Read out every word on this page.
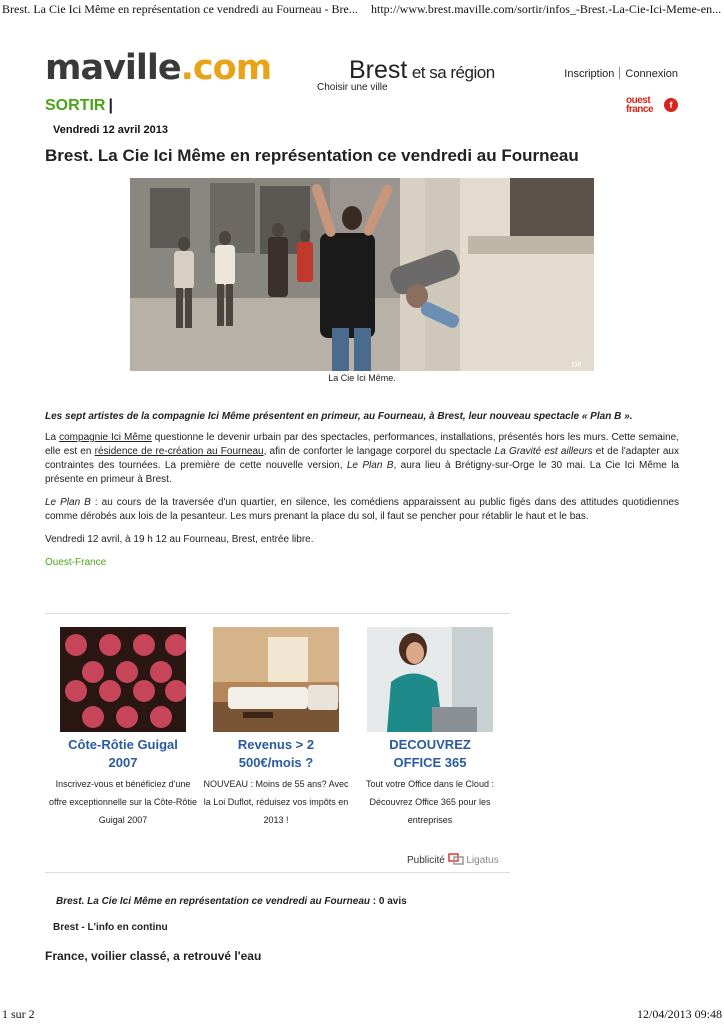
Brest. La Cie Ici Même en représentation ce vendredi au Fourneau - Bre... http://www.brest.maville.com/sortir/infos_-Brest.-La-Cie-Ici-Meme-en...
maville.com	Brest et sa région
Choisir une ville
Inscription Connexion
SORTIR |	ouest
france	f
Vendredi 12 avril 2013
Brest. La Cie Ici Même en représentation ce vendredi au Fourneau
DR
La Cie Ici Même.

Les sept artistes de la compagnie Ici Même présentent en primeur, au Fourneau, à Brest, leur nouveau spectacle « Plan B ».

La compagnie Ici Même questionne le devenir urbain par des spectacles, performances, installations, présentés hors les murs. Cette semaine, elle est en résidence de re-création au Fourneau, afin de conforter le langage corporel du spectacle La Gravité est ailleurs et de l'adapter aux contraintes des tournées. La première de cette nouvelle version, Le Plan B, aura lieu à Brétigny-sur-Orge le 30 mai. La Cie Ici Même la présente en primeur à Brest.

Le Plan B : au cours de la traversée d'un quartier, en silence, les comédiens apparaissent au public figés dans des attitudes quotidiennes comme dérobés aux lois de la pesanteur. Les murs prenant la place du sol, il faut se pencher pour rétablir le haut et le bas.

Vendredi 12 avril, à 19 h 12 au Fourneau, Brest, entrée libre.

Ouest-France

Côte-Rôtie Guigal 2007
Inscrivez-vous et bénéficiez d'une offre exceptionnelle sur la Côte-Rôtie Guigal 2007
Revenus > 2 500€/mois ?
NOUVEAU : Moins de 55 ans? Avec la Loi Duflot, réduisez vos impôts en 2013 !
DECOUVREZ OFFICE 365
Tout votre Office dans le Cloud : Découvrez Office 365 pour les entreprises
Publicité Ligatus
Brest. La Cie Ici Même en représentation ce vendredi au Fourneau : 0 avis
Brest - L'info en continu
France, voilier classé, a retrouvé l'eau
1 sur 2	12/04/2013 09:48
